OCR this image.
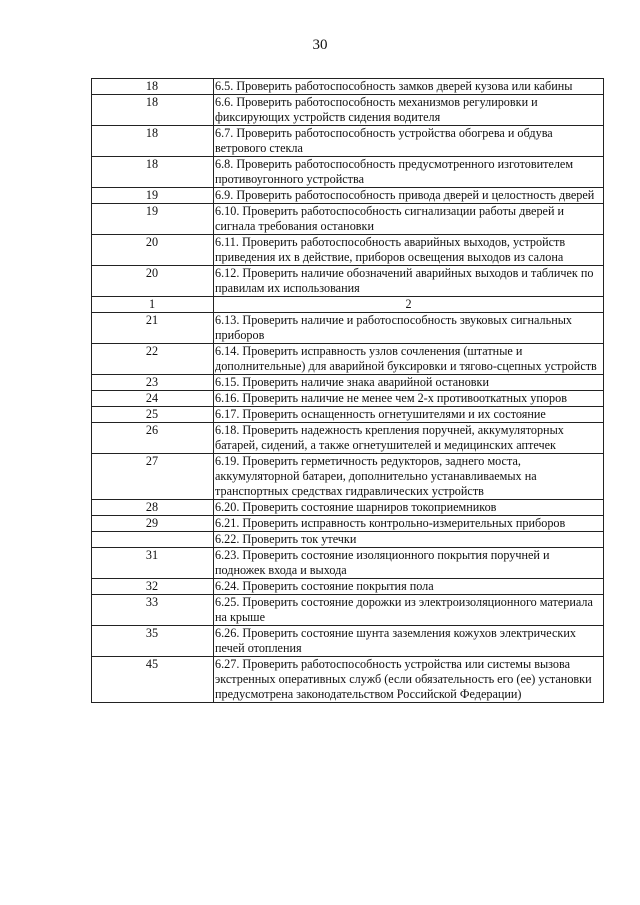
30
18	6.5. Проверить работоспособность замков дверей кузова или кабины
18	6.6. Проверить работоспособность механизмов регулировки и фиксирующих устройств сидения водителя
18	6.7. Проверить работоспособность устройства обогрева и обдува ветрового стекла
18	6.8. Проверить работоспособность предусмотренного изготовителем противоугонного устройства
19	6.9. Проверить работоспособность привода дверей и целостность дверей
19	6.10. Проверить работоспособность сигнализации работы дверей и сигнала требования остановки
20	6.11. Проверить работоспособность аварийных выходов, устройств приведения их в действие, приборов освещения выходов из салона
20	6.12. Проверить наличие обозначений аварийных выходов и табличек по правилам их использования
1	2
21	6.13. Проверить наличие и работоспособность звуковых сигнальных приборов
22	6.14. Проверить исправность узлов сочленения (штатные и дополнительные) для аварийной буксировки и тягово-сцепных устройств
23	6.15. Проверить наличие знака аварийной остановки
24	6.16. Проверить наличие не менее чем 2-х противооткатных упоров
25	6.17. Проверить оснащенность огнетушителями и их состояние
26	6.18. Проверить надежность крепления поручней, аккумуляторных батарей, сидений, а также огнетушителей и медицинских аптечек
27	6.19. Проверить герметичность редукторов, заднего моста, аккумуляторной батареи, дополнительно устанавливаемых на транспортных средствах гидравлических устройств
28	6.20. Проверить состояние шарниров токоприемников
29	6.21. Проверить исправность контрольно-измерительных приборов
	6.22. Проверить ток утечки
31	6.23. Проверить состояние изоляционного покрытия поручней и подножек входа и выхода
32	6.24. Проверить состояние покрытия пола
33	6.25. Проверить состояние дорожки из электроизоляционного материала на крыше
35	6.26. Проверить состояние шунта заземления кожухов электрических печей отопления
45	6.27. Проверить работоспособность устройства или системы вызова экстренных оперативных служб (если обязательность его (ее) установки предусмотрена законодательством Российской Федерации)
